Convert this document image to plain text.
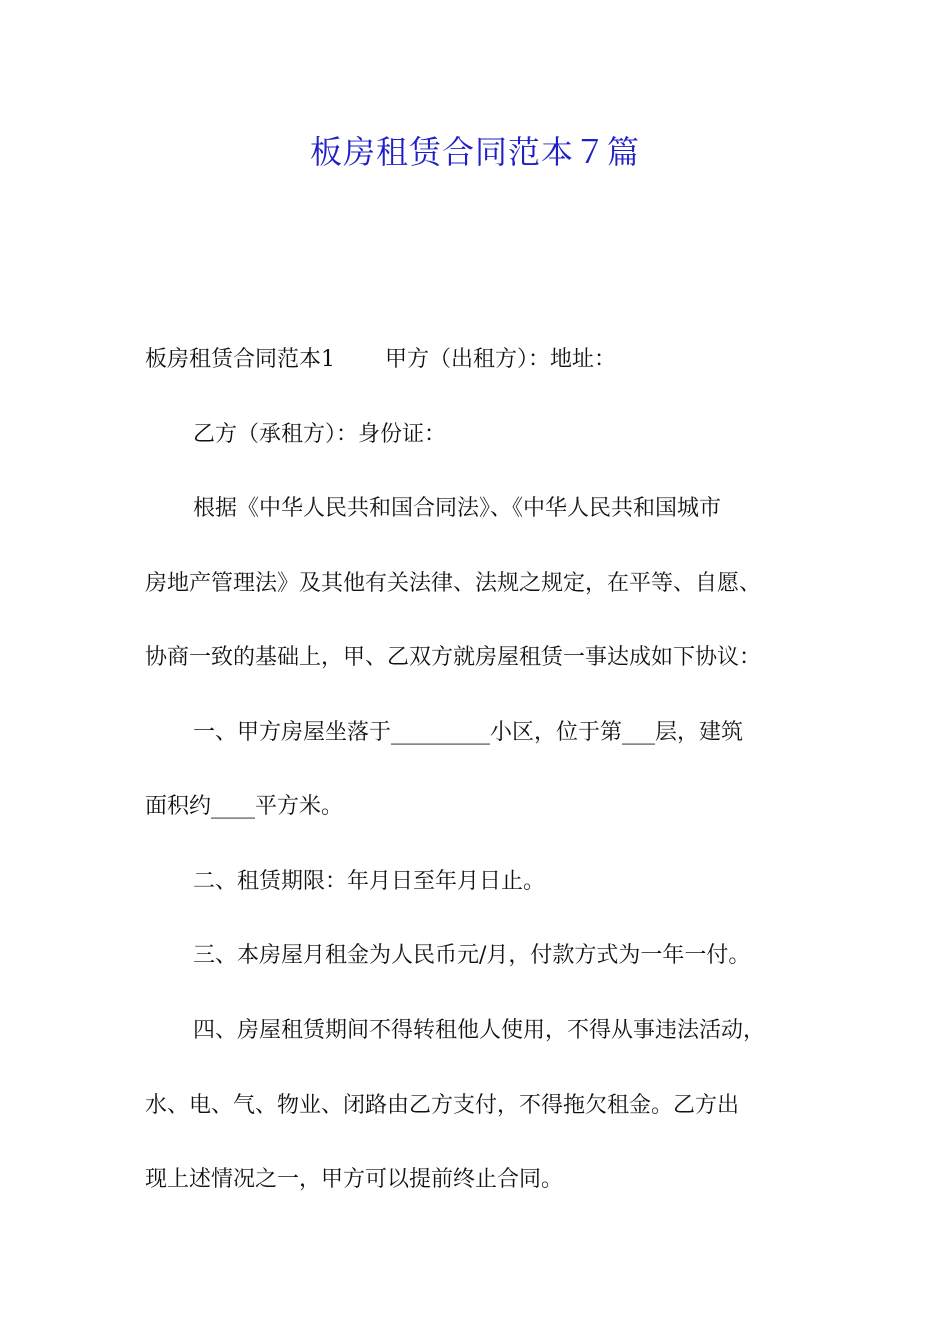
板房租赁合同范本７篇
板房租赁合同范本1 甲方（出租方）：地址：
乙方（承租方）：身份证：
根据《中华人民共和国合同法》、《中华人民共和国城市
房地产管理法》及其他有关法律、法规之规定，在平等、自愿、
协商一致的基础上，甲、乙双方就房屋租赁一事达成如下协议：
一、甲方房屋坐落于_________小区，位于第___层，建筑
面积约____平方米。
二、租赁期限：年月日至年月日止。
三、本房屋月租金为人民币元/月，付款方式为一年一付。
四、房屋租赁期间不得转租他人使用，不得从事违法活动，
水、电、气、物业、闭路由乙方支付，不得拖欠租金。乙方出
现上述情况之一，甲方可以提前终止合同。
